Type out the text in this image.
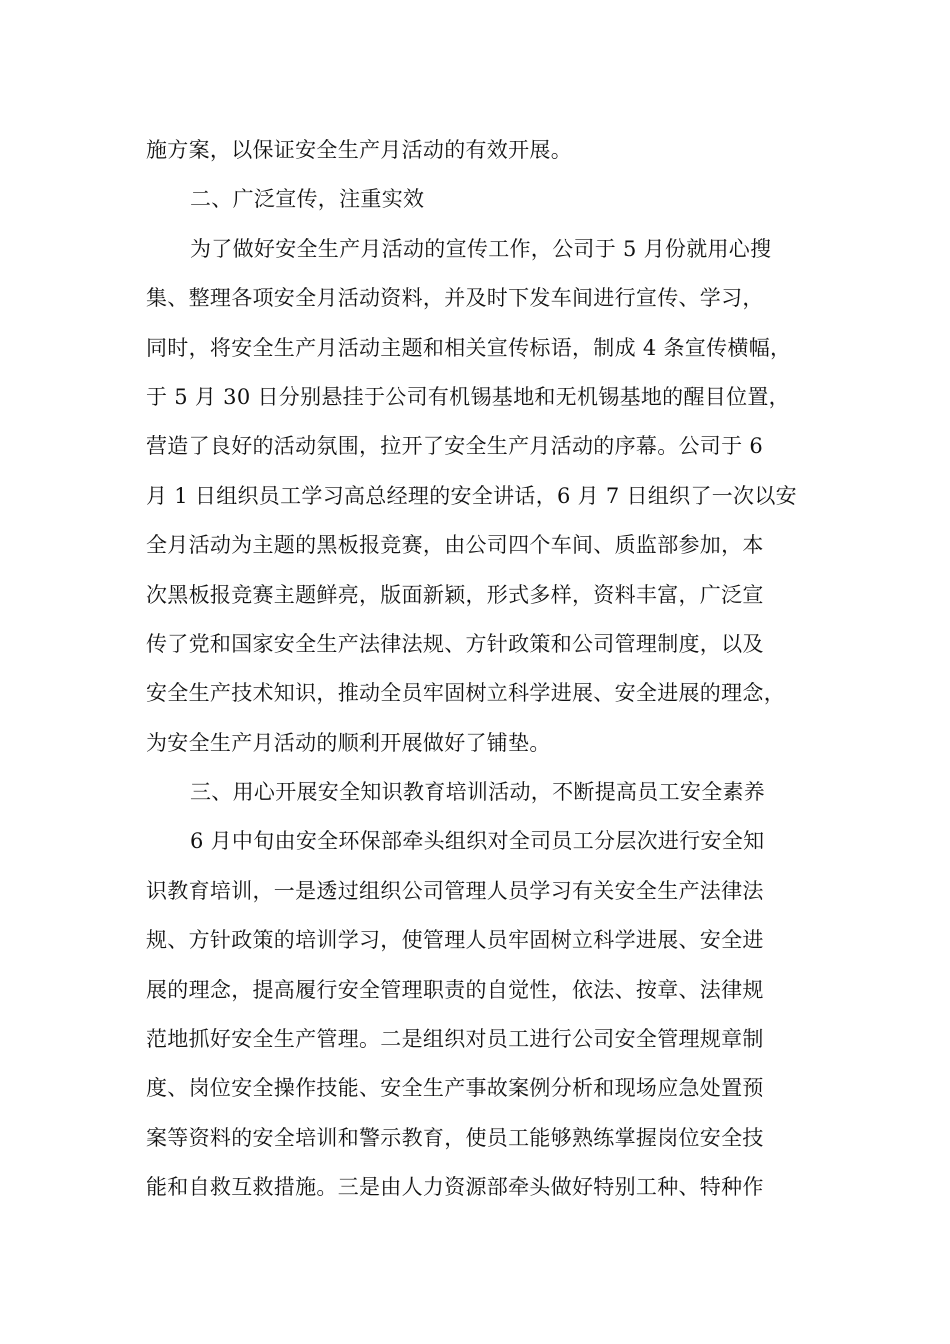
施方案，以保证安全生产月活动的有效开展。
二、广泛宣传，注重实效
为了做好安全生产月活动的宣传工作，公司于 5 月份就用心搜
集、整理各项安全月活动资料，并及时下发车间进行宣传、学习，
同时，将安全生产月活动主题和相关宣传标语，制成 4 条宣传横幅，
于 5 月 30 日分别悬挂于公司有机锡基地和无机锡基地的醒目位置，
营造了良好的活动氛围，拉开了安全生产月活动的序幕。公司于 6
月 1 日组织员工学习高总经理的安全讲话，6 月 7 日组织了一次以安
全月活动为主题的黑板报竞赛，由公司四个车间、质监部参加，本
次黑板报竞赛主题鲜亮，版面新颖，形式多样，资料丰富，广泛宣
传了党和国家安全生产法律法规、方针政策和公司管理制度，以及
安全生产技术知识，推动全员牢固树立科学进展、安全进展的理念，
为安全生产月活动的顺利开展做好了铺垫。
三、用心开展安全知识教育培训活动，不断提高员工安全素养
6 月中旬由安全环保部牵头组织对全司员工分层次进行安全知
识教育培训，一是透过组织公司管理人员学习有关安全生产法律法
规、方针政策的培训学习，使管理人员牢固树立科学进展、安全进
展的理念，提高履行安全管理职责的自觉性，依法、按章、法律规
范地抓好安全生产管理。二是组织对员工进行公司安全管理规章制
度、岗位安全操作技能、安全生产事故案例分析和现场应急处置预
案等资料的安全培训和警示教育，使员工能够熟练掌握岗位安全技
能和自救互救措施。三是由人力资源部牵头做好特别工种、特种作
